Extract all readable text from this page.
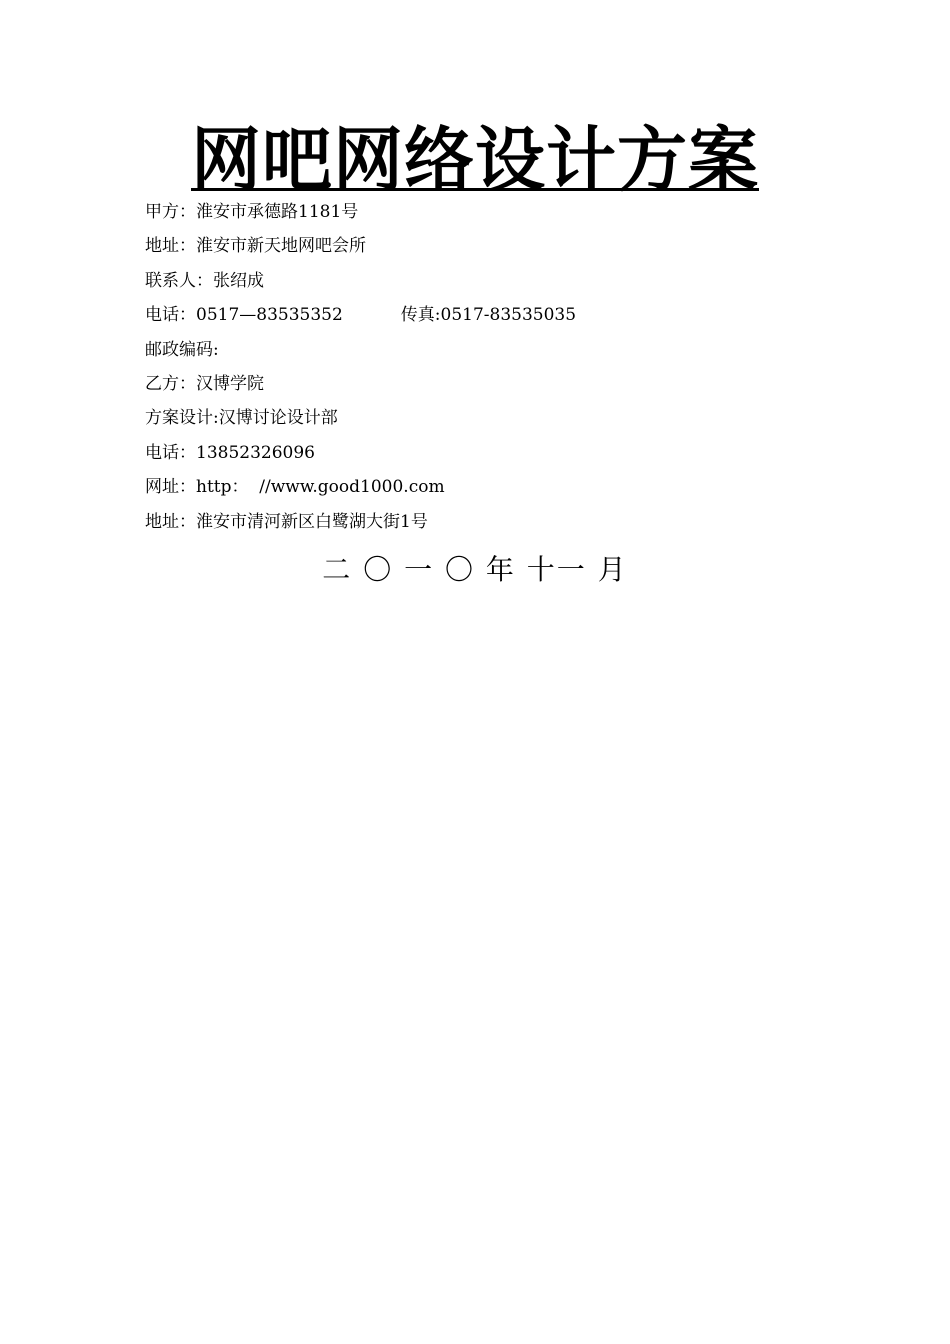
网吧网络设计方案
甲方：淮安市承德路1181号
地址：淮安市新天地网吧会所
联系人：张绍成
电话：0517—83535352	传真:0517-83535035
邮政编码:
乙方：汉博学院
方案设计:汉博讨论设计部
电话：13852326096
网址：http：  //www.good1000.com
地址：淮安市清河新区白鹭湖大街1号
二 〇 一 〇 年 十一 月
